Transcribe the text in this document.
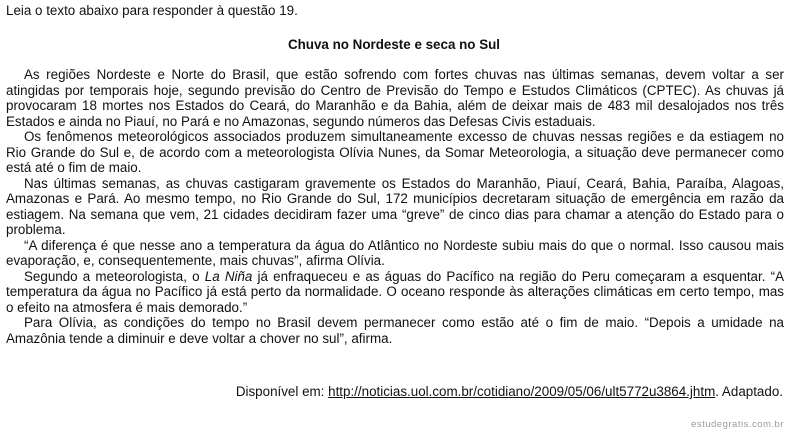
Leia o texto abaixo para responder à questão 19.
Chuva no Nordeste e seca no Sul

As regiões Nordeste e Norte do Brasil, que estão sofrendo com fortes chuvas nas últimas semanas, devem voltar a ser atingidas por temporais hoje, segundo previsão do Centro de Previsão do Tempo e Estudos Climáticos (CPTEC). As chuvas já provocaram 18 mortes nos Estados do Ceará, do Maranhão e da Bahia, além de deixar mais de 483 mil desalojados nos três Estados e ainda no Piauí, no Pará e no Amazonas, segundo números das Defesas Civis estaduais.

Os fenômenos meteorológicos associados produzem simultaneamente excesso de chuvas nessas regiões e da estiagem no Rio Grande do Sul e, de acordo com a meteorologista Olívia Nunes, da Somar Meteorologia, a situação deve permanecer como está até o fim de maio.

Nas últimas semanas, as chuvas castigaram gravemente os Estados do Maranhão, Piauí, Ceará, Bahia, Paraíba, Alagoas, Amazonas e Pará. Ao mesmo tempo, no Rio Grande do Sul, 172 municípios decretaram situação de emergência em razão da estiagem. Na semana que vem, 21 cidades decidiram fazer uma “greve” de cinco dias para chamar a atenção do Estado para o problema.

“A diferença é que nesse ano a temperatura da água do Atlântico no Nordeste subiu mais do que o normal. Isso causou mais evaporação, e, consequentemente, mais chuvas”, afirma Olívia.

Segundo a meteorologista, o La Niña já enfraqueceu e as águas do Pacífico na região do Peru começaram a esquentar. “A temperatura da água no Pacífico já está perto da normalidade. O oceano responde às alterações climáticas em certo tempo, mas o efeito na atmosfera é mais demorado.”

Para Olívia, as condições do tempo no Brasil devem permanecer como estão até o fim de maio. “Depois a umidade na Amazônia tende a diminuir e deve voltar a chover no sul”, afirma.

Disponível em: http://noticias.uol.com.br/cotidiano/2009/05/06/ult5772u3864.jhtm. Adaptado.
estudegratis.com.br
